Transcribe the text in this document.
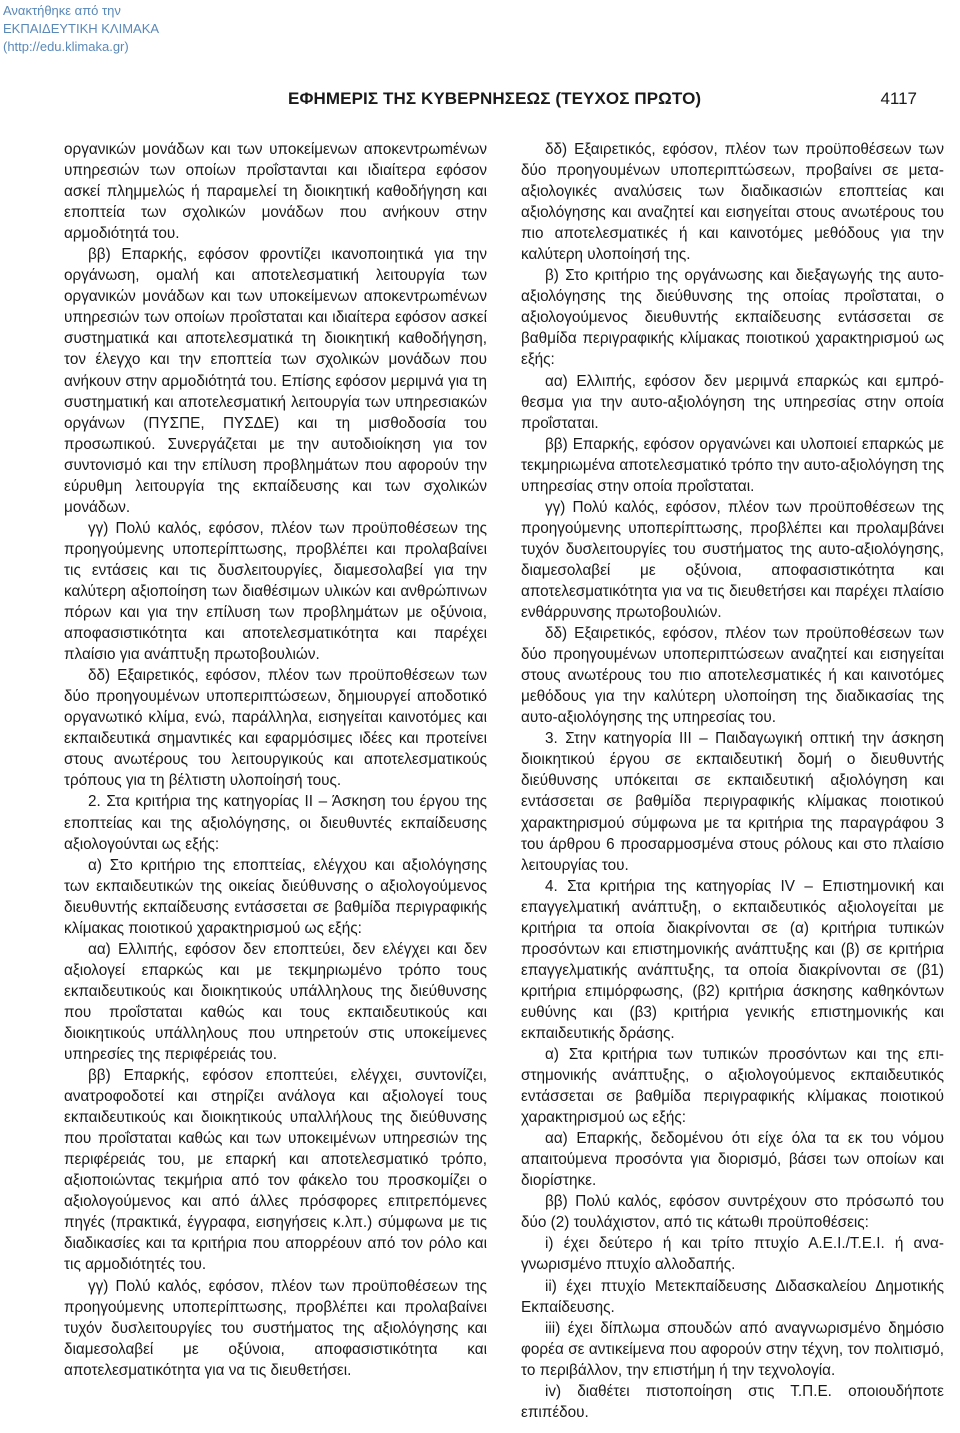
Ανακτήθηκε από την
ΕΚΠΑΙΔΕΥΤΙΚΗ ΚΛΙΜΑΚΑ
(http://edu.klimaka.gr)
ΕΦΗΜΕΡΙΣ ΤΗΣ ΚΥΒΕΡΝΗΣΕΩΣ (ΤΕΥΧΟΣ ΠΡΩΤΟ)	4117

οργανικών μονάδων και των υποκείμενων αποκεντρωmένων υπηρεσιών των οποίων προΐστανται και ιδιαίτερα εφόσον ασκεί πλημμελώς ή παραμελεί τη διοικητική καθοδήγηση και εποπτεία των σχολικών μονάδων που ανήκουν στην αρμοδιότητά του.

ββ) Επαρκής, εφόσον φροντίζει ικανοποιητικά για την οργάνωση, ομαλή και αποτελεσματική λειτουργία των οργανικών μονάδων και των υποκείμενων αποκεντρωmένων υπηρεσιών των οποίων προΐσταται και ιδιαίτερα εφόσον ασκεί συστηματικά και αποτελεσματικά τη διοικητική καθοδήγηση, τον έλεγχο και την εποπτεία των σχολικών μονάδων που ανήκουν στην αρμοδιότητά του. Επίσης εφόσον μεριμνά για τη συστηματική και αποτελεσματική λειτουργία των υπηρεσιακών οργάνων (ΠΥΣΠΕ, ΠΥΣΔΕ) και τη μισθοδοσία του προσωπικού. Συνεργάζεται με την αυτοδιοίκηση για τον συντονισμό και την επίλυση προβλημάτων που αφορούν την εύρυθμη λειτουργία της εκπαίδευσης και των σχολικών μονάδων.

γγ) Πολύ καλός, εφόσον, πλέον των προϋποθέσεων της προηγούμενης υποπερίπτωσης, προβλέπει και προλαβαίνει τις εντάσεις και τις δυσλειτουργίες, διαμεσολαβεί για την καλύτερη αξιοποίηση των διαθέσιμων υλικών και ανθρώπινων πόρων και για την επίλυση των προβλημάτων με οξύνοια, αποφασιστικότητα και αποτελεσματικότητα και παρέχει πλαίσιο για ανάπτυξη πρωτοβουλιών.

δδ) Εξαιρετικός, εφόσον, πλέον των προϋποθέσεων των δύο προηγουμένων υποπεριπτώσεων, δημιουργεί αποδοτικό οργανωτικό κλίμα, ενώ, παράλληλα, εισηγείται καινοτόμες και εκπαιδευτικά σημαντικές και εφαρμόσιμες ιδέες και προτείνει στους ανωτέρους του λειτουργικούς και αποτελεσματικούς τρόπους για τη βέλτιστη υλοποίησή τους.

2. Στα κριτήρια της κατηγορίας ΙΙ – Άσκηση του έργου της εποπτείας και της αξιολόγησης, οι διευθυντές εκπαίδευσης αξιολογούνται ως εξής:

α) Στο κριτήριο της εποπτείας, ελέγχου και αξιολόγησης των εκπαιδευτικών της οικείας διεύθυνσης ο αξιολογούμενος διευθυντής εκπαίδευσης εντάσσεται σε βαθμίδα περιγραφικής κλίμακας ποιοτικού χαρακτηρισμού ως εξής:

αα) Ελλιπής, εφόσον δεν εποπτεύει, δεν ελέγχει και δεν αξιολογεί επαρκώς και με τεκμηριωμένο τρόπο τους εκπαιδευτικούς και διοικητικούς υπάλληλους της διεύθυνσης που προΐσταται καθώς και τους εκπαιδευτικούς και διοικητικούς υπάλληλους που υπηρετούν στις υποκείμενες υπηρεσίες της περιφέρειάς του.

ββ) Επαρκής, εφόσον εποπτεύει, ελέγχει, συντονίζει, ανατροφοδοτεί και στηρίζει ανάλογα και αξιολογεί τους εκπαιδευτικούς και διοικητικούς υπαλλήλους της διεύθυνσης που προΐσταται καθώς και των υποκειμένων υπηρεσιών της περιφέρειάς του, με επαρκή και αποτελεσματικό τρόπο, αξιοποιώντας τεκμήρια από τον φάκελο του προσκομίζει ο αξιολογούμενος και από άλλες πρόσφορες επιτρεπόμενες πηγές (πρακτικά, έγγραφα, εισηγήσεις κ.λπ.) σύμφωνα με τις διαδικασίες και τα κριτήρια που απορρέουν από τον ρόλο και τις αρμοδιότητές του.

γγ) Πολύ καλός, εφόσον, πλέον των προϋποθέσεων της προηγούμενης υποπερίπτωσης, προβλέπει και προλαβαίνει τυχόν δυσλειτουργίες του συστήματος της αξιολόγησης και διαμεσολαβεί με οξύνοια, αποφασιστικότητα και αποτελεσματικότητα για να τις διευθετήσει.

δδ) Εξαιρετικός, εφόσον, πλέον των προϋποθέσεων των δύο προηγουμένων υποπεριπτώσεων, προβαίνει σε μετα-αξιολογικές αναλύσεις των διαδικασιών εποπτείας και αξιολόγησης και αναζητεί και εισηγείται στους ανωτέρους του πιο αποτελεσματικές ή και καινοτόμες μεθόδους για την καλύτερη υλοποίησή της.

β) Στο κριτήριο της οργάνωσης και διεξαγωγής της αυτο-αξιολόγησης της διεύθυνσης της οποίας προΐσταται, ο αξιολογούμενος διευθυντής εκπαίδευσης εντάσσεται σε βαθμίδα περιγραφικής κλίμακας ποιοτικού χαρακτηρισμού ως εξής:

αα) Ελλιπής, εφόσον δεν μεριμνά επαρκώς και εμπρόθεσμα για την αυτο-αξιολόγηση της υπηρεσίας στην οποία προΐσταται.

ββ) Επαρκής, εφόσον οργανώνει και υλοποιεί επαρκώς με τεκμηριωμένα αποτελεσματικό τρόπο την αυτο-αξιολόγηση της υπηρεσίας στην οποία προΐσταται.

γγ) Πολύ καλός, εφόσον, πλέον των προϋποθέσεων της προηγούμενης υποπερίπτωσης, προβλέπει και προλαμβάνει τυχόν δυσλειτουργίες του συστήματος της αυτο-αξιολόγησης, διαμεσολαβεί με οξύνοια, αποφασιστικότητα και αποτελεσματικότητα για να τις διευθετήσει και παρέχει πλαίσιο ενθάρρυνσης πρωτοβουλιών.

δδ) Εξαιρετικός, εφόσον, πλέον των προϋποθέσεων των δύο προηγουμένων υποπεριπτώσεων αναζητεί και εισηγείται στους ανωτέρους του πιο αποτελεσματικές ή και καινοτόμες μεθόδους για την καλύτερη υλοποίηση της διαδικασίας της αυτο-αξιολόγησης της υπηρεσίας του.

3. Στην κατηγορία ΙΙΙ – Παιδαγωγική οπτική την άσκηση διοικητικού έργου σε εκπαιδευτική δομή ο διευθυντής διεύθυνσης υπόκειται σε εκπαιδευτική αξιολόγηση και εντάσσεται σε βαθμίδα περιγραφικής κλίμακας ποιοτικού χαρακτηρισμού σύμφωνα με τα κριτήρια της παραγράφου 3 του άρθρου 6 προσαρμοσμένα στους ρόλους και στο πλαίσιο λειτουργίας του.

4. Στα κριτήρια της κατηγορίας IV – Επιστημονική και επαγγελματική ανάπτυξη, ο εκπαιδευτικός αξιολογείται με κριτήρια τα οποία διακρίνονται σε (α) κριτήρια τυπικών προσόντων και επιστημονικής ανάπτυξης και (β) σε κριτήρια επαγγελματικής ανάπτυξης, τα οποία διακρίνονται σε (β1) κριτήρια επιμόρφωσης, (β2) κριτήρια άσκησης καθηκόντων ευθύνης και (β3) κριτήρια γενικής επιστημονικής και εκπαιδευτικής δράσης.

α) Στα κριτήρια των τυπικών προσόντων και της επιστημονικής ανάπτυξης, ο αξιολογούμενος εκπαιδευτικός εντάσσεται σε βαθμίδα περιγραφικής κλίμακας ποιοτικού χαρακτηρισμού ως εξής:

αα) Επαρκής, δεδομένου ότι είχε όλα τα εκ του νόμου απαιτούμενα προσόντα για διορισμό, βάσει των οποίων και διορίστηκε.

ββ) Πολύ καλός, εφόσον συντρέχουν στο πρόσωπό του δύο (2) τουλάχιστον, από τις κάτωθι προϋποθέσεις:

i) έχει δεύτερο ή και τρίτο πτυχίο Α.Ε.Ι./Τ.Ε.Ι. ή αναγνωρισμένο πτυχίο αλλοδαπής.

ii) έχει πτυχίο Μετεκπαίδευσης Διδασκαλείου Δημοτικής Εκπαίδευσης.

iii) έχει δίπλωμα σπουδών από αναγνωρισμένο δημόσιο φορέα σε αντικείμενα που αφορούν στην τέχνη, τον πολιτισμό, το περιβάλλον, την επιστήμη ή την τεχνολογία.

iv) διαθέτει πιστοποίηση στις Τ.Π.Ε. οποιουδήποτε επιπέδου.
